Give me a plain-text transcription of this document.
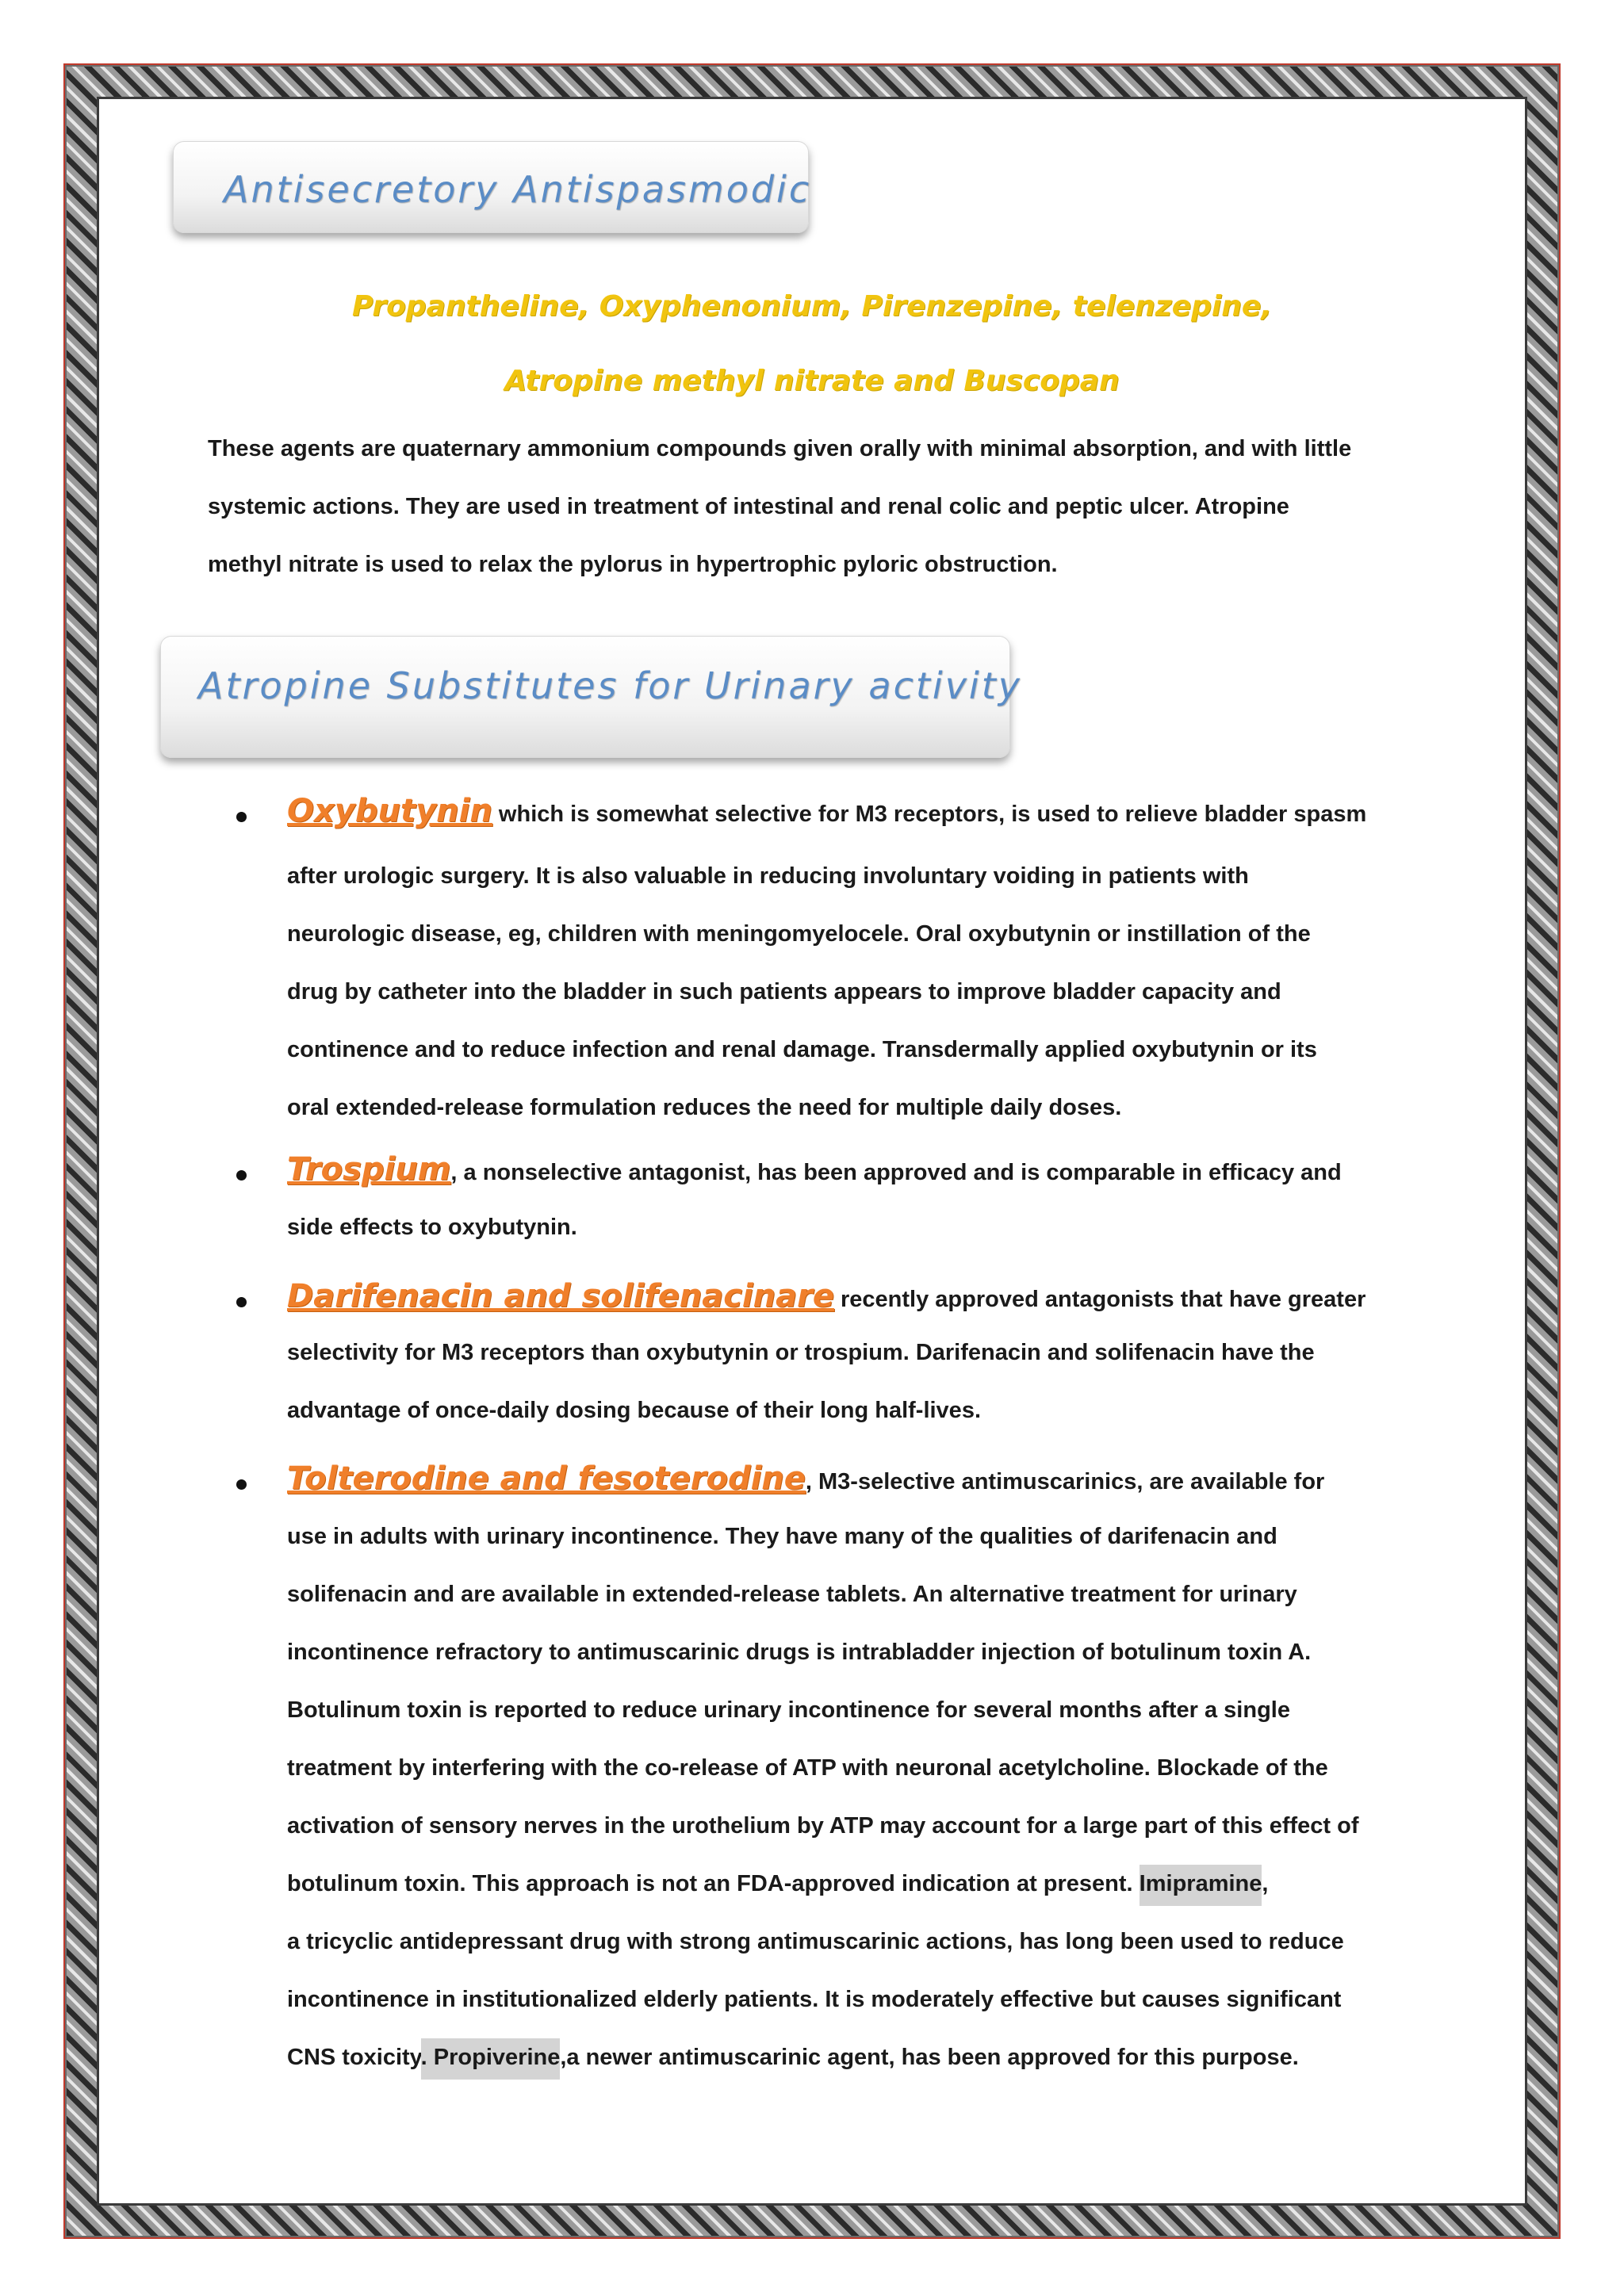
Antisecretory Antispasmodic
Propantheline, Oxyphenonium, Pirenzepine, telenzepine,
Atropine methyl nitrate and Buscopan
These agents are quaternary ammonium compounds given orally with minimal absorption, and with little
systemic actions. They are used in treatment of intestinal and renal colic and peptic ulcer. Atropine
methyl nitrate is used to relax the pylorus in hypertrophic pyloric obstruction.
Atropine Substitutes for Urinary activity
Oxybutynin which is somewhat selective for M3 receptors, is used to relieve bladder spasm
after urologic surgery. It is also valuable in reducing involuntary voiding in patients with
neurologic disease, eg, children with meningomyelocele. Oral oxybutynin or instillation of the
drug by catheter into the bladder in such patients appears to improve bladder capacity and
continence and to reduce infection and renal damage. Transdermally applied oxybutynin or its
oral extended-release formulation reduces the need for multiple daily doses.
Trospium, a nonselective antagonist, has been approved and is comparable in efficacy and
side effects to oxybutynin.
Darifenacin and solifenacinare recently approved antagonists that have greater
selectivity for M3 receptors than oxybutynin or trospium. Darifenacin and solifenacin have the
advantage of once-daily dosing because of their long half-lives.
Tolterodine and fesoterodine, M3-selective antimuscarinics, are available for
use in adults with urinary incontinence. They have many of the qualities of darifenacin and
solifenacin and are available in extended-release tablets. An alternative treatment for urinary
incontinence refractory to antimuscarinic drugs is intrabladder injection of botulinum toxin A.
Botulinum toxin is reported to reduce urinary incontinence for several months after a single
treatment by interfering with the co-release of ATP with neuronal acetylcholine. Blockade of the
activation of sensory nerves in the urothelium by ATP may account for a large part of this effect of
botulinum toxin. This approach is not an FDA-approved indication at present. Imipramine,
a tricyclic antidepressant drug with strong antimuscarinic actions, has long been used to reduce
incontinence in institutionalized elderly patients. It is moderately effective but causes significant
CNS toxicity. Propiverine,a newer antimuscarinic agent, has been approved for this purpose.
